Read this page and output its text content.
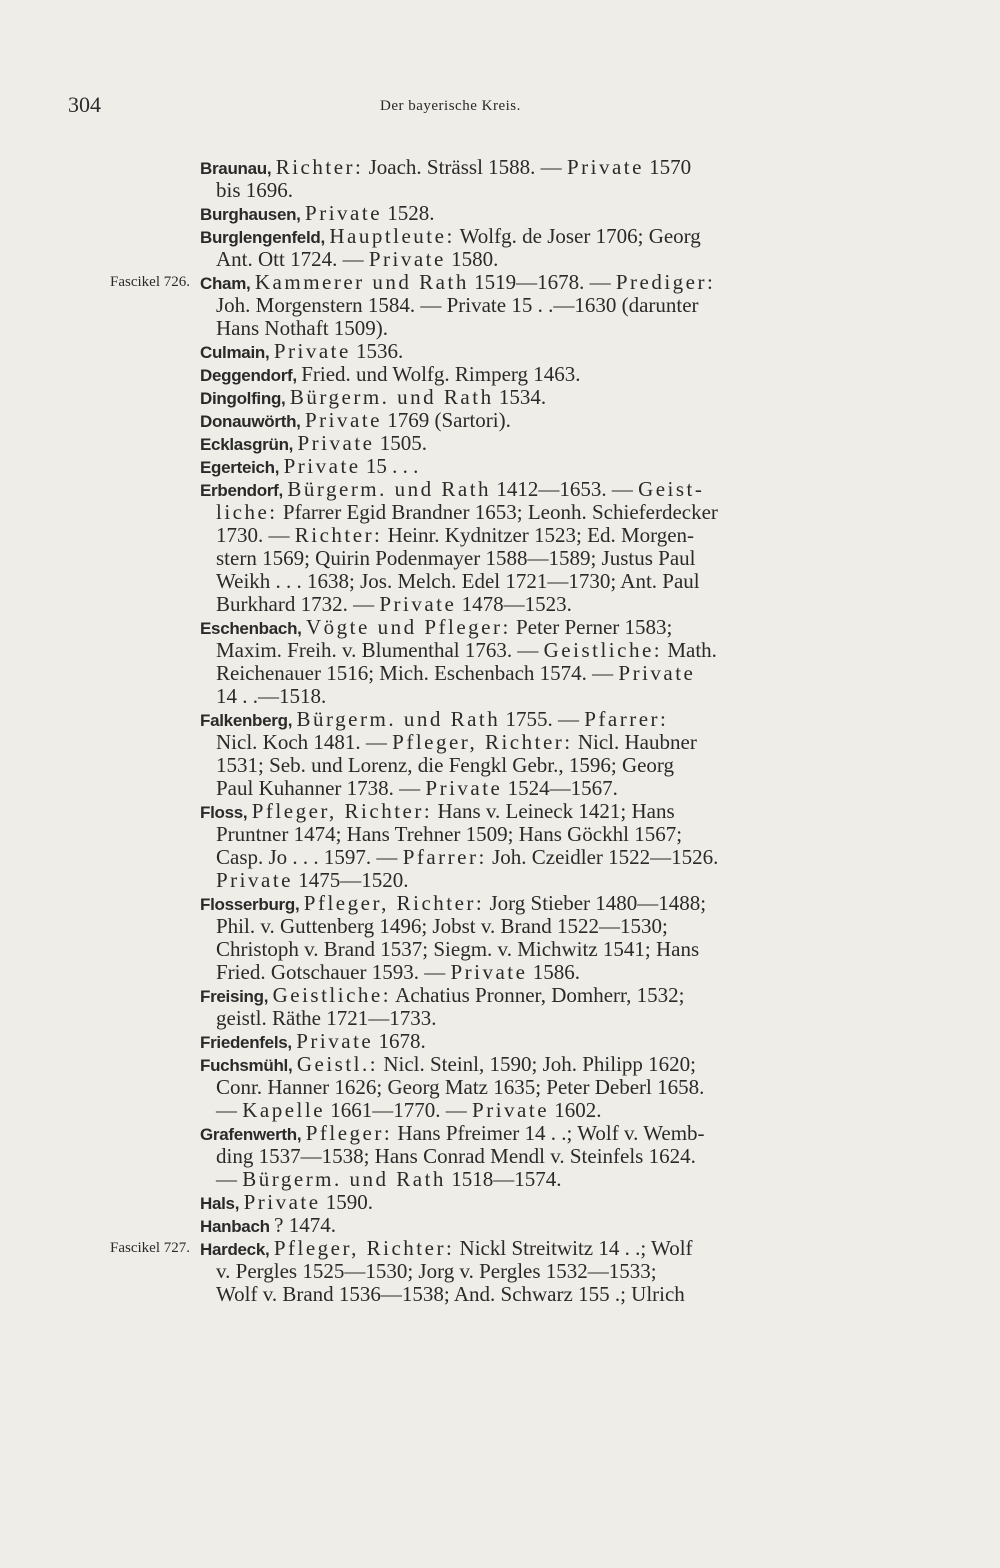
304	Der bayerische Kreis.
Braunau, Richter: Joach. Strässl 1588. — Private 1570
bis 1696.
Burghausen, Private 1528.
Burglengenfeld, Hauptleute: Wolfg. de Joser 1706; Georg
Ant. Ott 1724. — Private 1580.
Fascikel 726. Cham, Kammerer und Rath 1519—1678. — Prediger:
Joh. Morgenstern 1584. — Private 15 . .—1630 (darunter
Hans Nothaft 1509).
Culmain, Private 1536.
Deggendorf, Fried. und Wolfg. Rimperg 1463.
Dingolfing, Bürgerm. und Rath 1534.
Donauwörth, Private 1769 (Sartori).
Ecklasgrün, Private 1505.
Egerteich, Private 15 . . .
Erbendorf, Bürgerm. und Rath 1412—1653. — Geist-
liche: Pfarrer Egid Brandner 1653; Leonh. Schieferdecker
1730. — Richter: Heinr. Kydnitzer 1523; Ed. Morgen-
stern 1569; Quirin Podenmayer 1588—1589; Justus Paul
Weikh . . . 1638; Jos. Melch. Edel 1721—1730; Ant. Paul
Burkhard 1732. — Private 1478—1523.
Eschenbach, Vögte und Pfleger: Peter Perner 1583;
Maxim. Freih. v. Blumenthal 1763. — Geistliche: Math.
Reichenauer 1516; Mich. Eschenbach 1574. — Private
14 . .—1518.
Falkenberg, Bürgerm. und Rath 1755. — Pfarrer:
Nicl. Koch 1481. — Pfleger, Richter: Nicl. Haubner
1531; Seb. und Lorenz, die Fengkl Gebr., 1596; Georg
Paul Kuhanner 1738. — Private 1524—1567.
Floss, Pfleger, Richter: Hans v. Leineck 1421; Hans
Pruntner 1474; Hans Trehner 1509; Hans Göckhl 1567;
Casp. Jo . . . 1597. — Pfarrer: Joh. Czeidler 1522—1526.
Private 1475—1520.
Flosserburg, Pfleger, Richter: Jorg Stieber 1480—1488;
Phil. v. Guttenberg 1496; Jobst v. Brand 1522—1530;
Christoph v. Brand 1537; Siegm. v. Michwitz 1541; Hans
Fried. Gotschauer 1593. — Private 1586.
Freising, Geistliche: Achatius Pronner, Domherr, 1532;
geistl. Räthe 1721—1733.
Friedenfels, Private 1678.
Fuchsmühl, Geistl.: Nicl. Steinl, 1590; Joh. Philipp 1620;
Conr. Hanner 1626; Georg Matz 1635; Peter Deberl 1658.
— Kapelle 1661—1770. — Private 1602.
Grafenwerth, Pfleger: Hans Pfreimer 14 . .; Wolf v. Wemb-
ding 1537—1538; Hans Conrad Mendl v. Steinfels 1624.
— Bürgerm. und Rath 1518—1574.
Hals, Private 1590.
Hanbach ? 1474.
Fascikel 727. Hardeck, Pfleger, Richter: Nickl Streitwitz 14 . .; Wolf
v. Pergles 1525—1530; Jorg v. Pergles 1532—1533;
Wolf v. Brand 1536—1538; And. Schwarz 155 .; Ulrich
